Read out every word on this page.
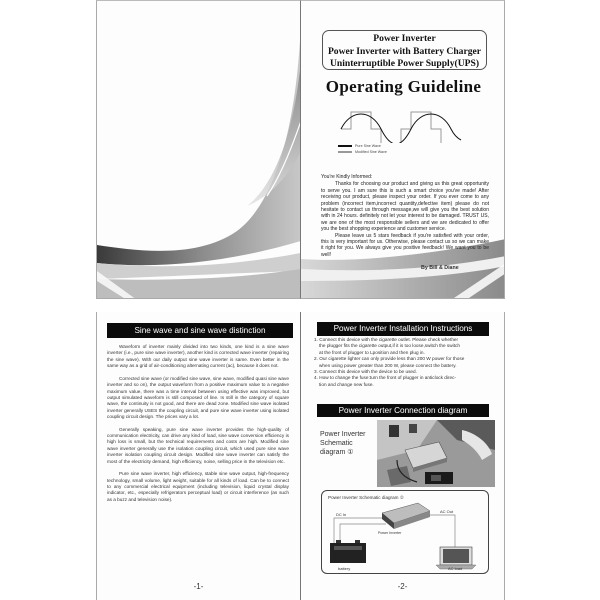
Power Inverter
Power Inverter with Battery Charger
Uninterruptible Power Supply(UPS)
Operating Guideline
Pure Sine Wave
Modified Sine Wave

You're Kindly Informed:

Thanks for choosing our product and giving us this great opportunity to serve you. I am sure this is such a smart choice you've made! After receiving our product, please inspect your order. If you ever come to any problem (incorrect item,incorrect quantity,defective item) please do not hesitate to contact us through message,we will give you the best solution with in 24 hours. definitely not let your interest to be damaged. TRUST US, we are one of the most responsible sellers and we are dedicated to offer you the best shopping experience and customer service.

Please leave us 5 stars feedback if you're satisfied with your order, this is very important for us. Otherwise, please contact us so we can make it right for you. We always give you positive feedback! We want you to be well!

By Bill & Diane
Sine wave and sine wave distinction

Waveform of inverter mainly divided into two kinds, one kind is a sine wave inverter (i.e., pure sine wave inverter), another kind is corrected wave inverter (repairing the sine wave). With our daily output sine wave inverter is same. Even better in the same way as a grid of air-conditioning alternating current (ac), because it does not.

Corrected sine wave (or modified sine wave, sine wave, modified quasi sine wave inverter and so on), the output waveform from a positive maximum value to a negative maximum value, there was a time interval between using effective was improved, but output simulated waveform is still composed of line. Is still in the category of square wave, the continuity is not good, and there are dead zone. Modified sine wave isolated inverter generally USES the coupling circuit, and pure sine wave inverter using isolated coupling circuit design. The prices vary a lot.

Generally speaking, pure sine wave inverter provides the high-quality of communication electricity, can drive any kind of load, sine wave conversion efficiency is high loss is small, but the technical requirements and costs are high. Modified sine wave inverter generally use the isolation coupling circuit, which used pure sine wave inverter isolation coupling circuit design. Modified sine wave inverter can satisfy the most of the electricity demand, high efficiency, noise, selling price in the television etc.

Pure sine wave inverter, high efficiency, stable sine wave output, high-frequency technology, small volume, light weight, suitable for all kinds of load. Can be to connect to any commercial electrical equipment (including television, liquid crystal display indicator, etc., especially refrigerators perceptual load) or circuit interference (as such as a buzz and television noise).

-1-
Power Inverter Installation Instructions
1. Connect this device with the cigarette outlet. Please check whether
the plugger fits the cigarette output,if it is too loose,switch the switch
at the front of plugger to Lposition and then plug in.
2. Our cigarette lighter can only provide less than 200 W power for those
when using power greater than 200 W, please connect the battery.
3. Connect this device with the device to be used.
4. How to change the fuse:turn the front of plugger in anticlock direc-
tion and change new fuse.
Power Inverter Connection diagram
Power Inverter
Schematic
diagram ①
Power Inverter Schematic diagram ②
DC In
AC Out
Power Inverter
battery	AC load
-2-
